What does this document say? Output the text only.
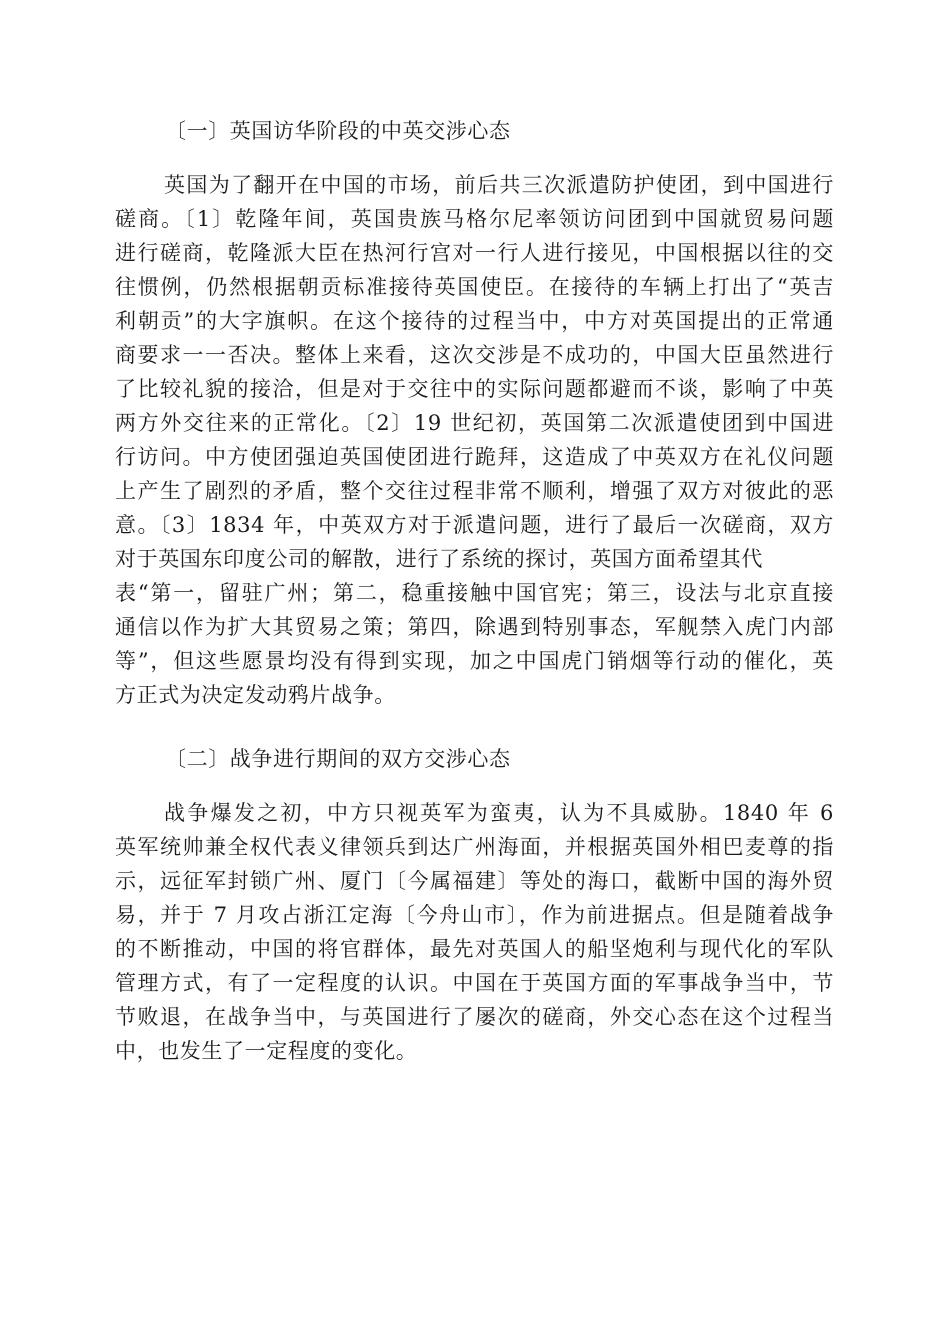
〔一〕英国访华阶段的中英交涉心态
英国为了翻开在中国的市场，前后共三次派遣防护使团，到中国进行
磋商。〔1〕乾隆年间，英国贵族马格尔尼率领访问团到中国就贸易问题
进行磋商，乾隆派大臣在热河行宫对一行人进行接见，中国根据以往的交
往惯例，仍然根据朝贡标准接待英国使臣。在接待的车辆上打出了“英吉
利朝贡”的大字旗帜。在这个接待的过程当中，中方对英国提出的正常通
商要求一一否决。整体上来看，这次交涉是不成功的，中国大臣虽然进行
了比较礼貌的接洽，但是对于交往中的实际问题都避而不谈，影响了中英
两方外交往来的正常化。〔2〕19 世纪初，英国第二次派遣使团到中国进
行访问。中方使团强迫英国使团进行跪拜，这造成了中英双方在礼仪问题
上产生了剧烈的矛盾，整个交往过程非常不顺利，增强了双方对彼此的恶
意。〔3〕1834 年，中英双方对于派遣问题，进行了最后一次磋商，双方
对于英国东印度公司的解散，进行了系统的探讨，英国方面希望其代
表“第一，留驻广州；第二，稳重接触中国官宪；第三，设法与北京直接
通信以作为扩大其贸易之策；第四，除遇到特别事态，军舰禁入虎门内部
等”，但这些愿景均没有得到实现，加之中国虎门销烟等行动的催化，英
方正式为决定发动鸦片战争。
〔二〕战争进行期间的双方交涉心态
战争爆发之初，中方只视英军为蛮夷，认为不具威胁。1840 年 6
英军统帅兼全权代表义律领兵到达广州海面，并根据英国外相巴麦尊的指
示，远征军封锁广州、厦门〔今属福建〕等处的海口，截断中国的海外贸
易，并于 7 月攻占浙江定海〔今舟山市〕，作为前进据点。但是随着战争
的不断推动，中国的将官群体，最先对英国人的船坚炮利与现代化的军队
管理方式，有了一定程度的认识。中国在于英国方面的军事战争当中，节
节败退，在战争当中，与英国进行了屡次的磋商，外交心态在这个过程当
中，也发生了一定程度的变化。
